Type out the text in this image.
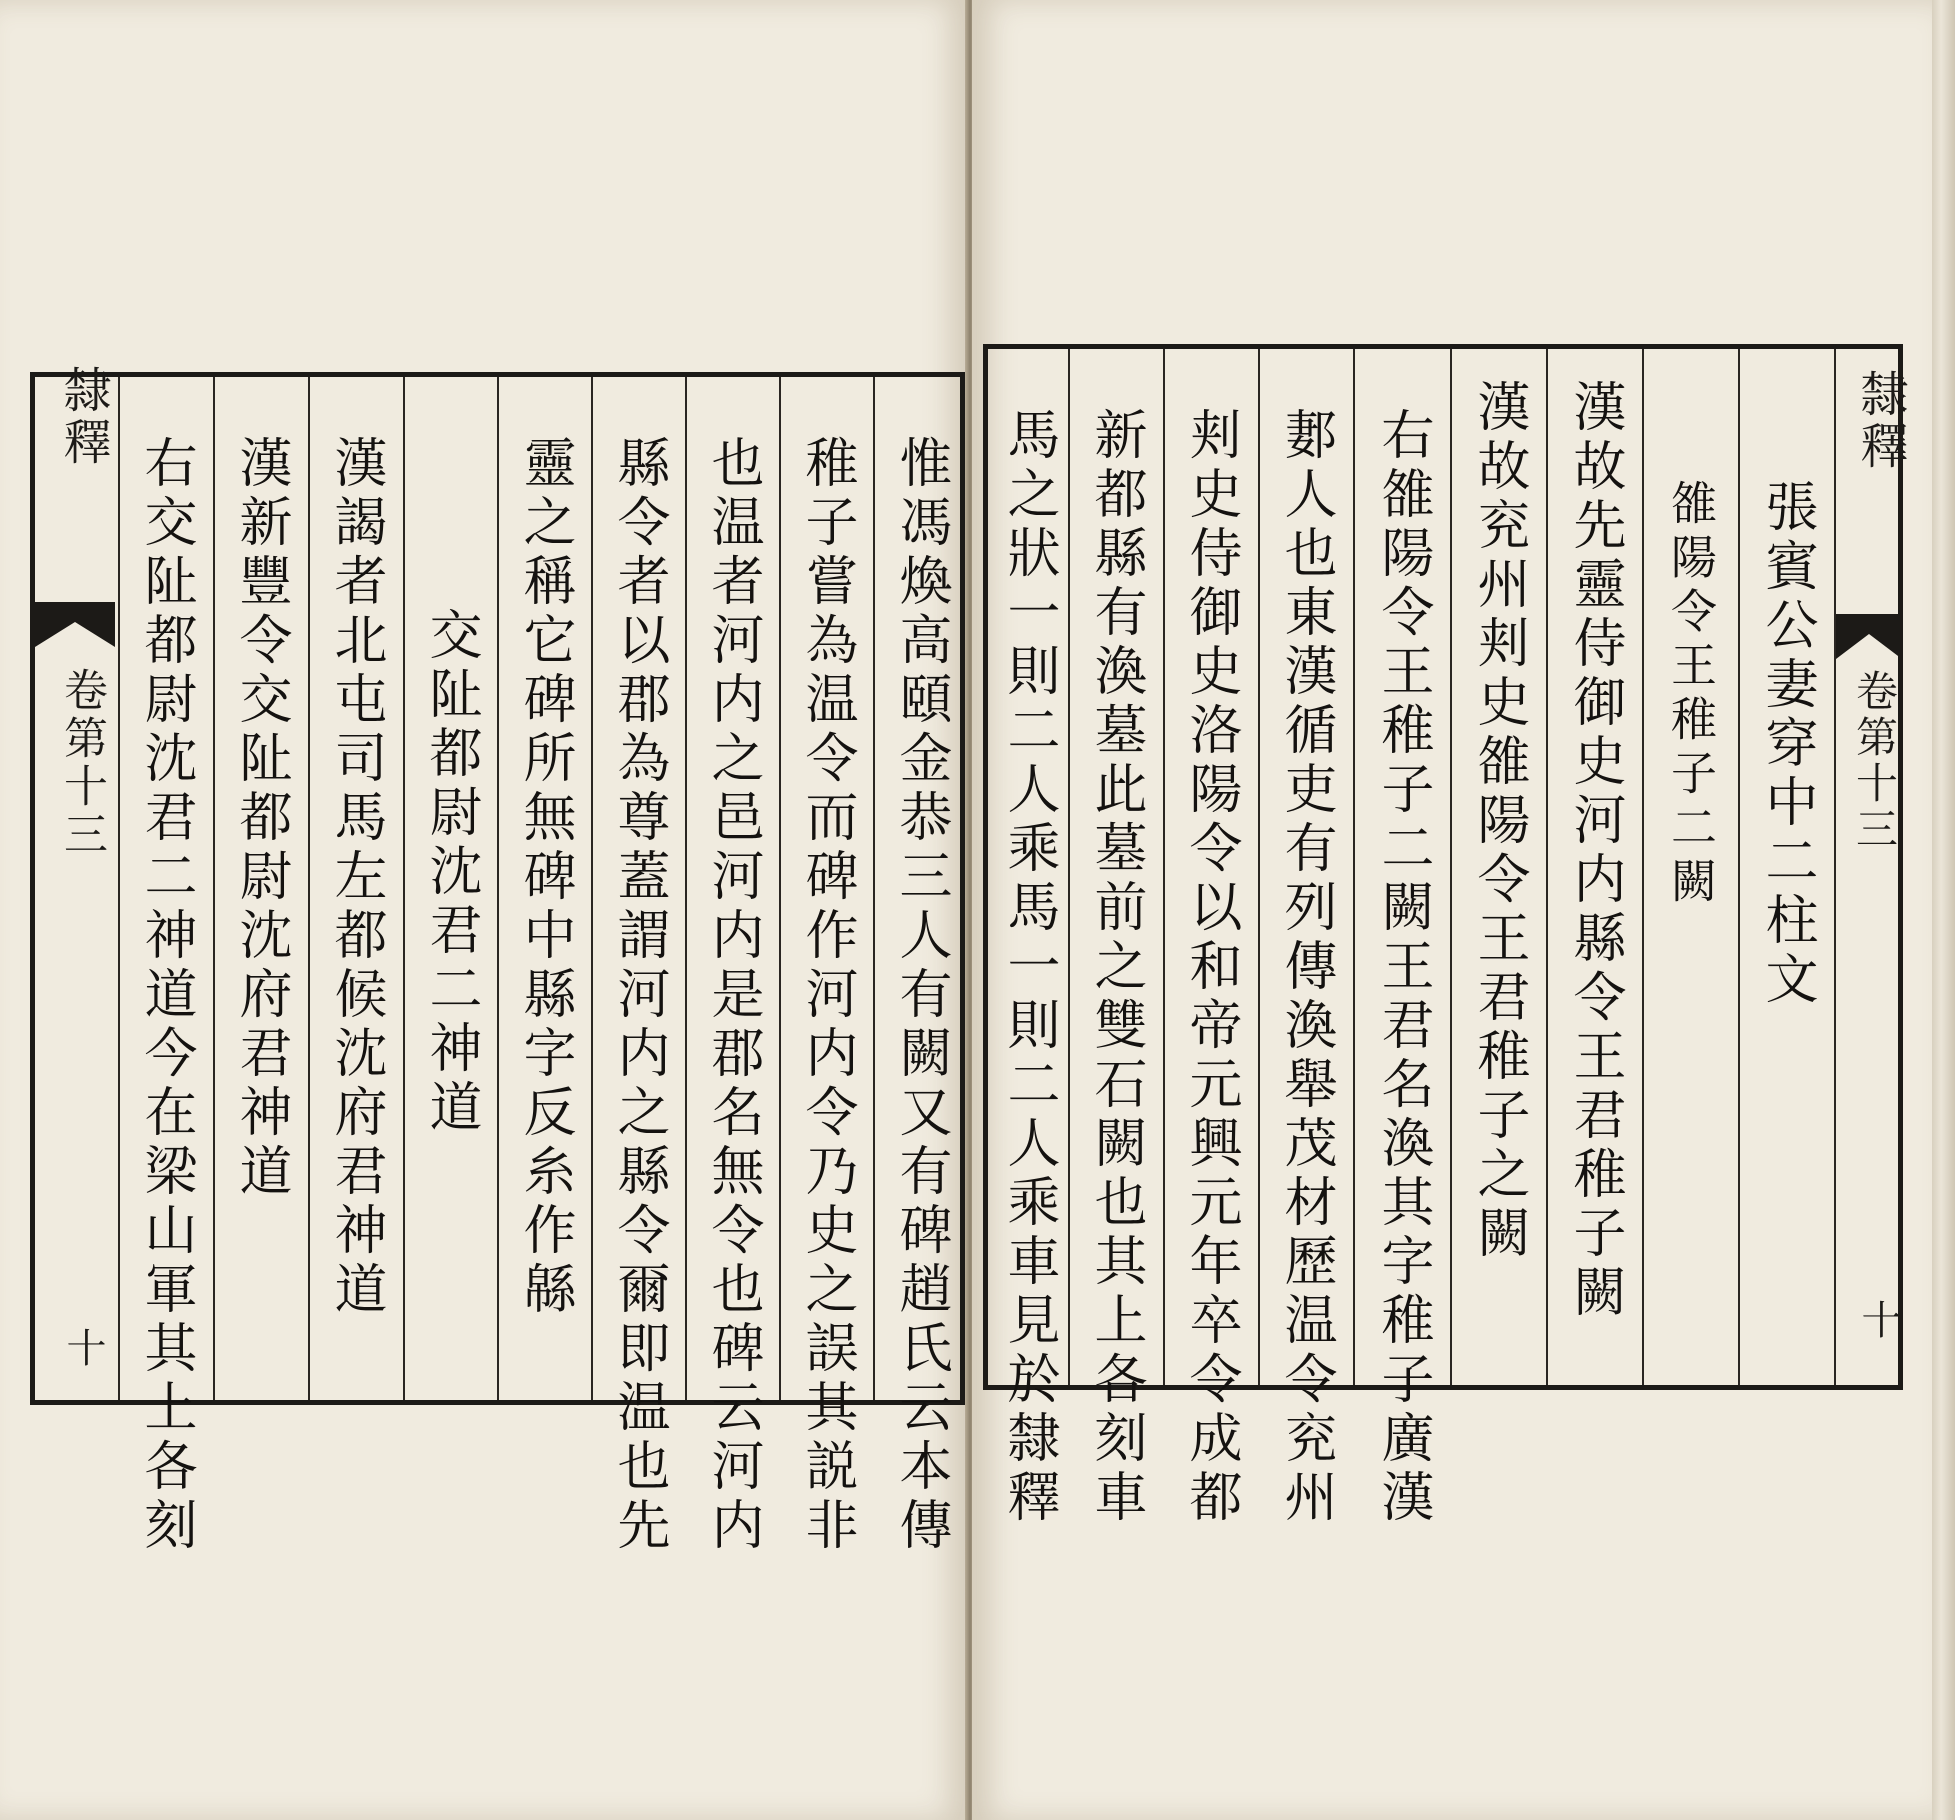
隸釋
卷第十三
十 右交阯都尉沈君二神道今在梁山軍其上各刻 漢新豐令交阯都尉沈府君神道 漢謁者北屯司馬左都候沈府君神道 交阯都尉沈君二神道 靈之稱它碑所無碑中縣字反糸作緜 縣令者以郡為尊蓋謂河内之縣令爾即温也先 也温者河内之邑河内是郡名無令也碑云河内 稚子嘗為温令而碑作河内令乃史之誤其説非 惟馮煥高頤金恭三人有闕又有碑趙氏云本傳 馬之狀一則二人乘馬一則二人乘車見於隸釋 新都縣有渙墓此墓前之雙石闕也其上各刻車 刾史侍御史洛陽令以和帝元興元年卒令成都 郪人也東漢循吏有列傳渙舉茂材歷温令兖州 右雒陽令王稚子二闕王君名渙其字稚子廣漢 漢故兖州刾史雒陽令王君稚子之闕 漢故先靈侍御史河内縣令王君稚子闕 雒陽令王稚子二闕 張賓公妻穿中二柱文
隸釋
卷第十三
十
